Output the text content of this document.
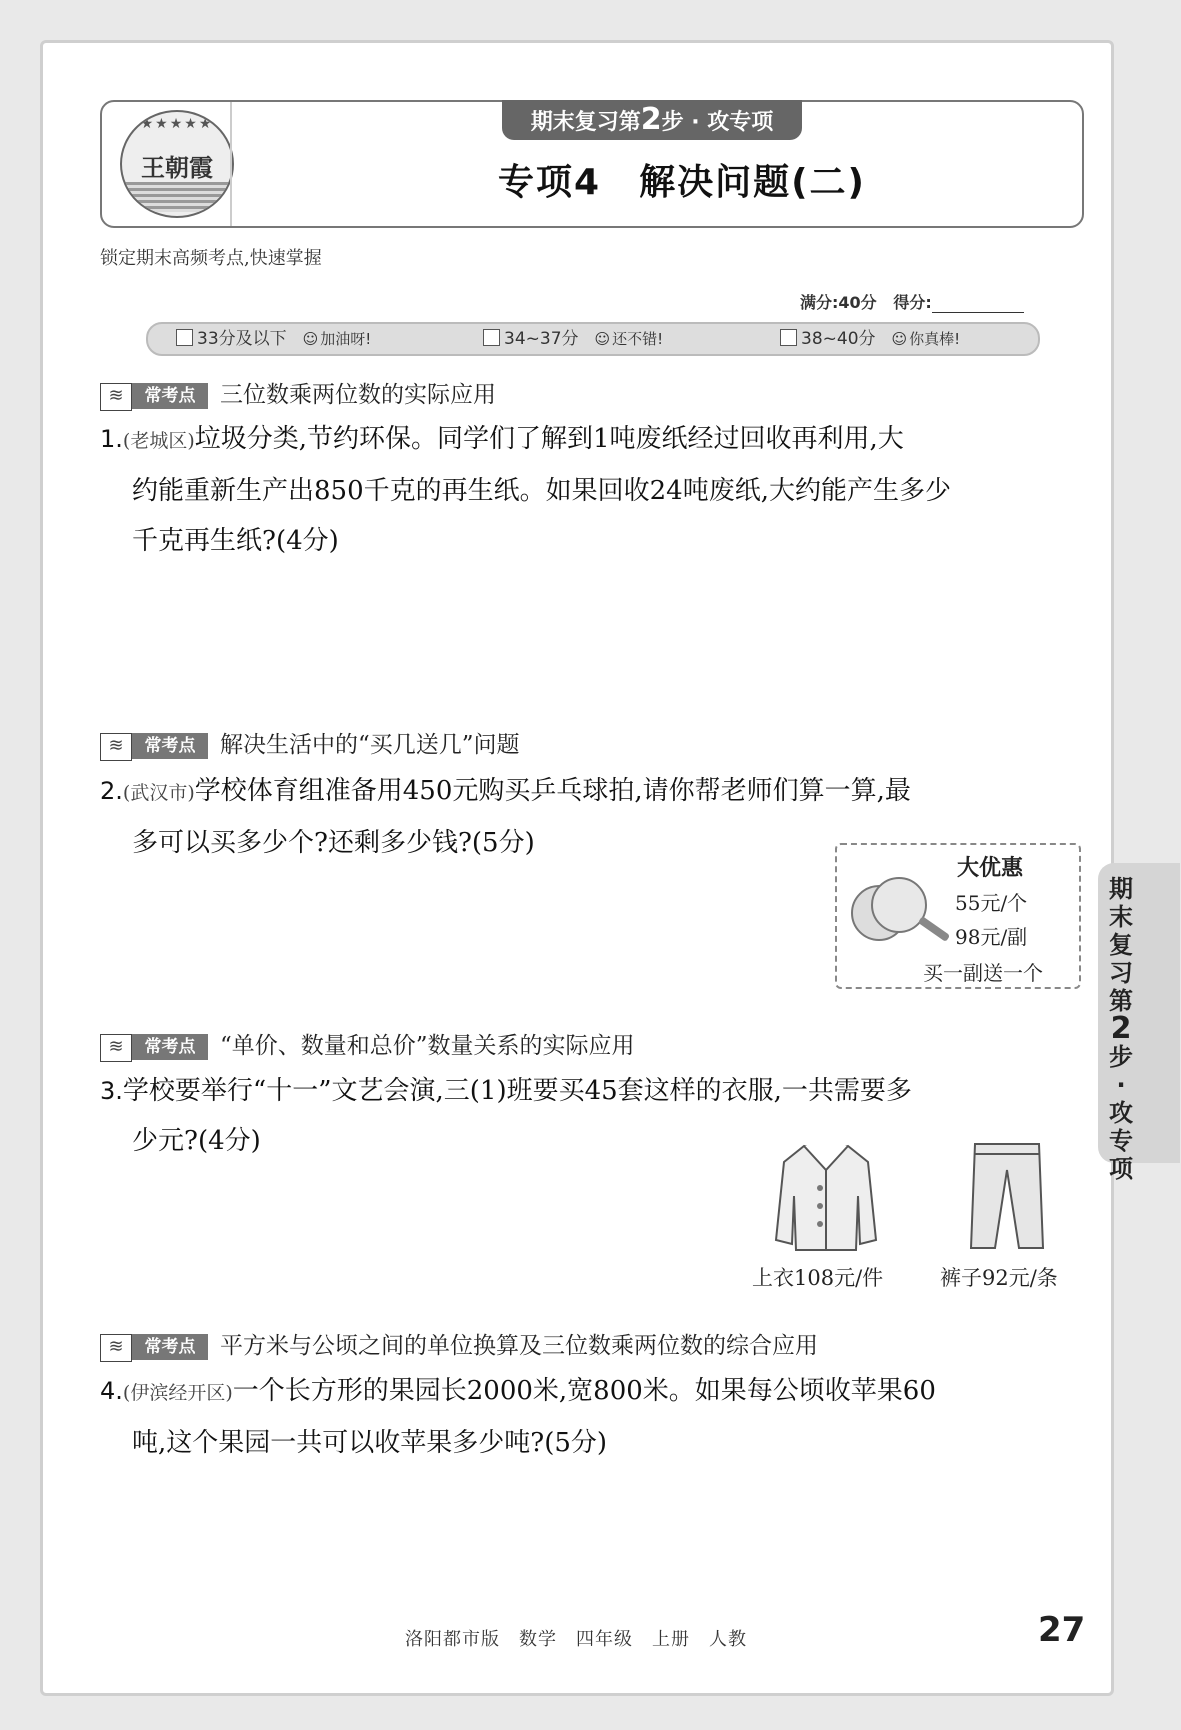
★★★★★
王朝霞
期末复习第2步 · 攻专项
专项4　解决问题(二)
锁定期末高频考点,快速掌握
满分:40分 得分:
33分及以下 ☺ 加油呀!	34~37分 ☺ 还不错!	38~40分 ☺ 你真棒!
≋	常考点	三位数乘两位数的实际应用
1.(老城区)垃圾分类,节约环保。同学们了解到1吨废纸经过回收再利用,大
约能重新生产出850千克的再生纸。如果回收24吨废纸,大约能产生多少
千克再生纸?(4分)
≋	常考点	解决生活中的“买几送几”问题
2.(武汉市)学校体育组准备用450元购买乒乓球拍,请你帮老师们算一算,最
多可以买多少个?还剩多少钱?(5分)
大优惠
55元/个
98元/副
买一副送一个
≋	常考点	“单价、数量和总价”数量关系的实际应用
3.学校要举行“十一”文艺会演,三(1)班要买45套这样的衣服,一共需要多
少元?(4分)
上衣108元/件	裤子92元/条
≋	常考点	平方米与公顷之间的单位换算及三位数乘两位数的综合应用
4.(伊滨经开区)一个长方形的果园长2000米,宽800米。如果每公顷收苹果60
吨,这个果园一共可以收苹果多少吨?(5分)
期
末
复
习
第
2
步
·
攻
专
项
洛阳都市版　数学　四年级　上册　人教	27
